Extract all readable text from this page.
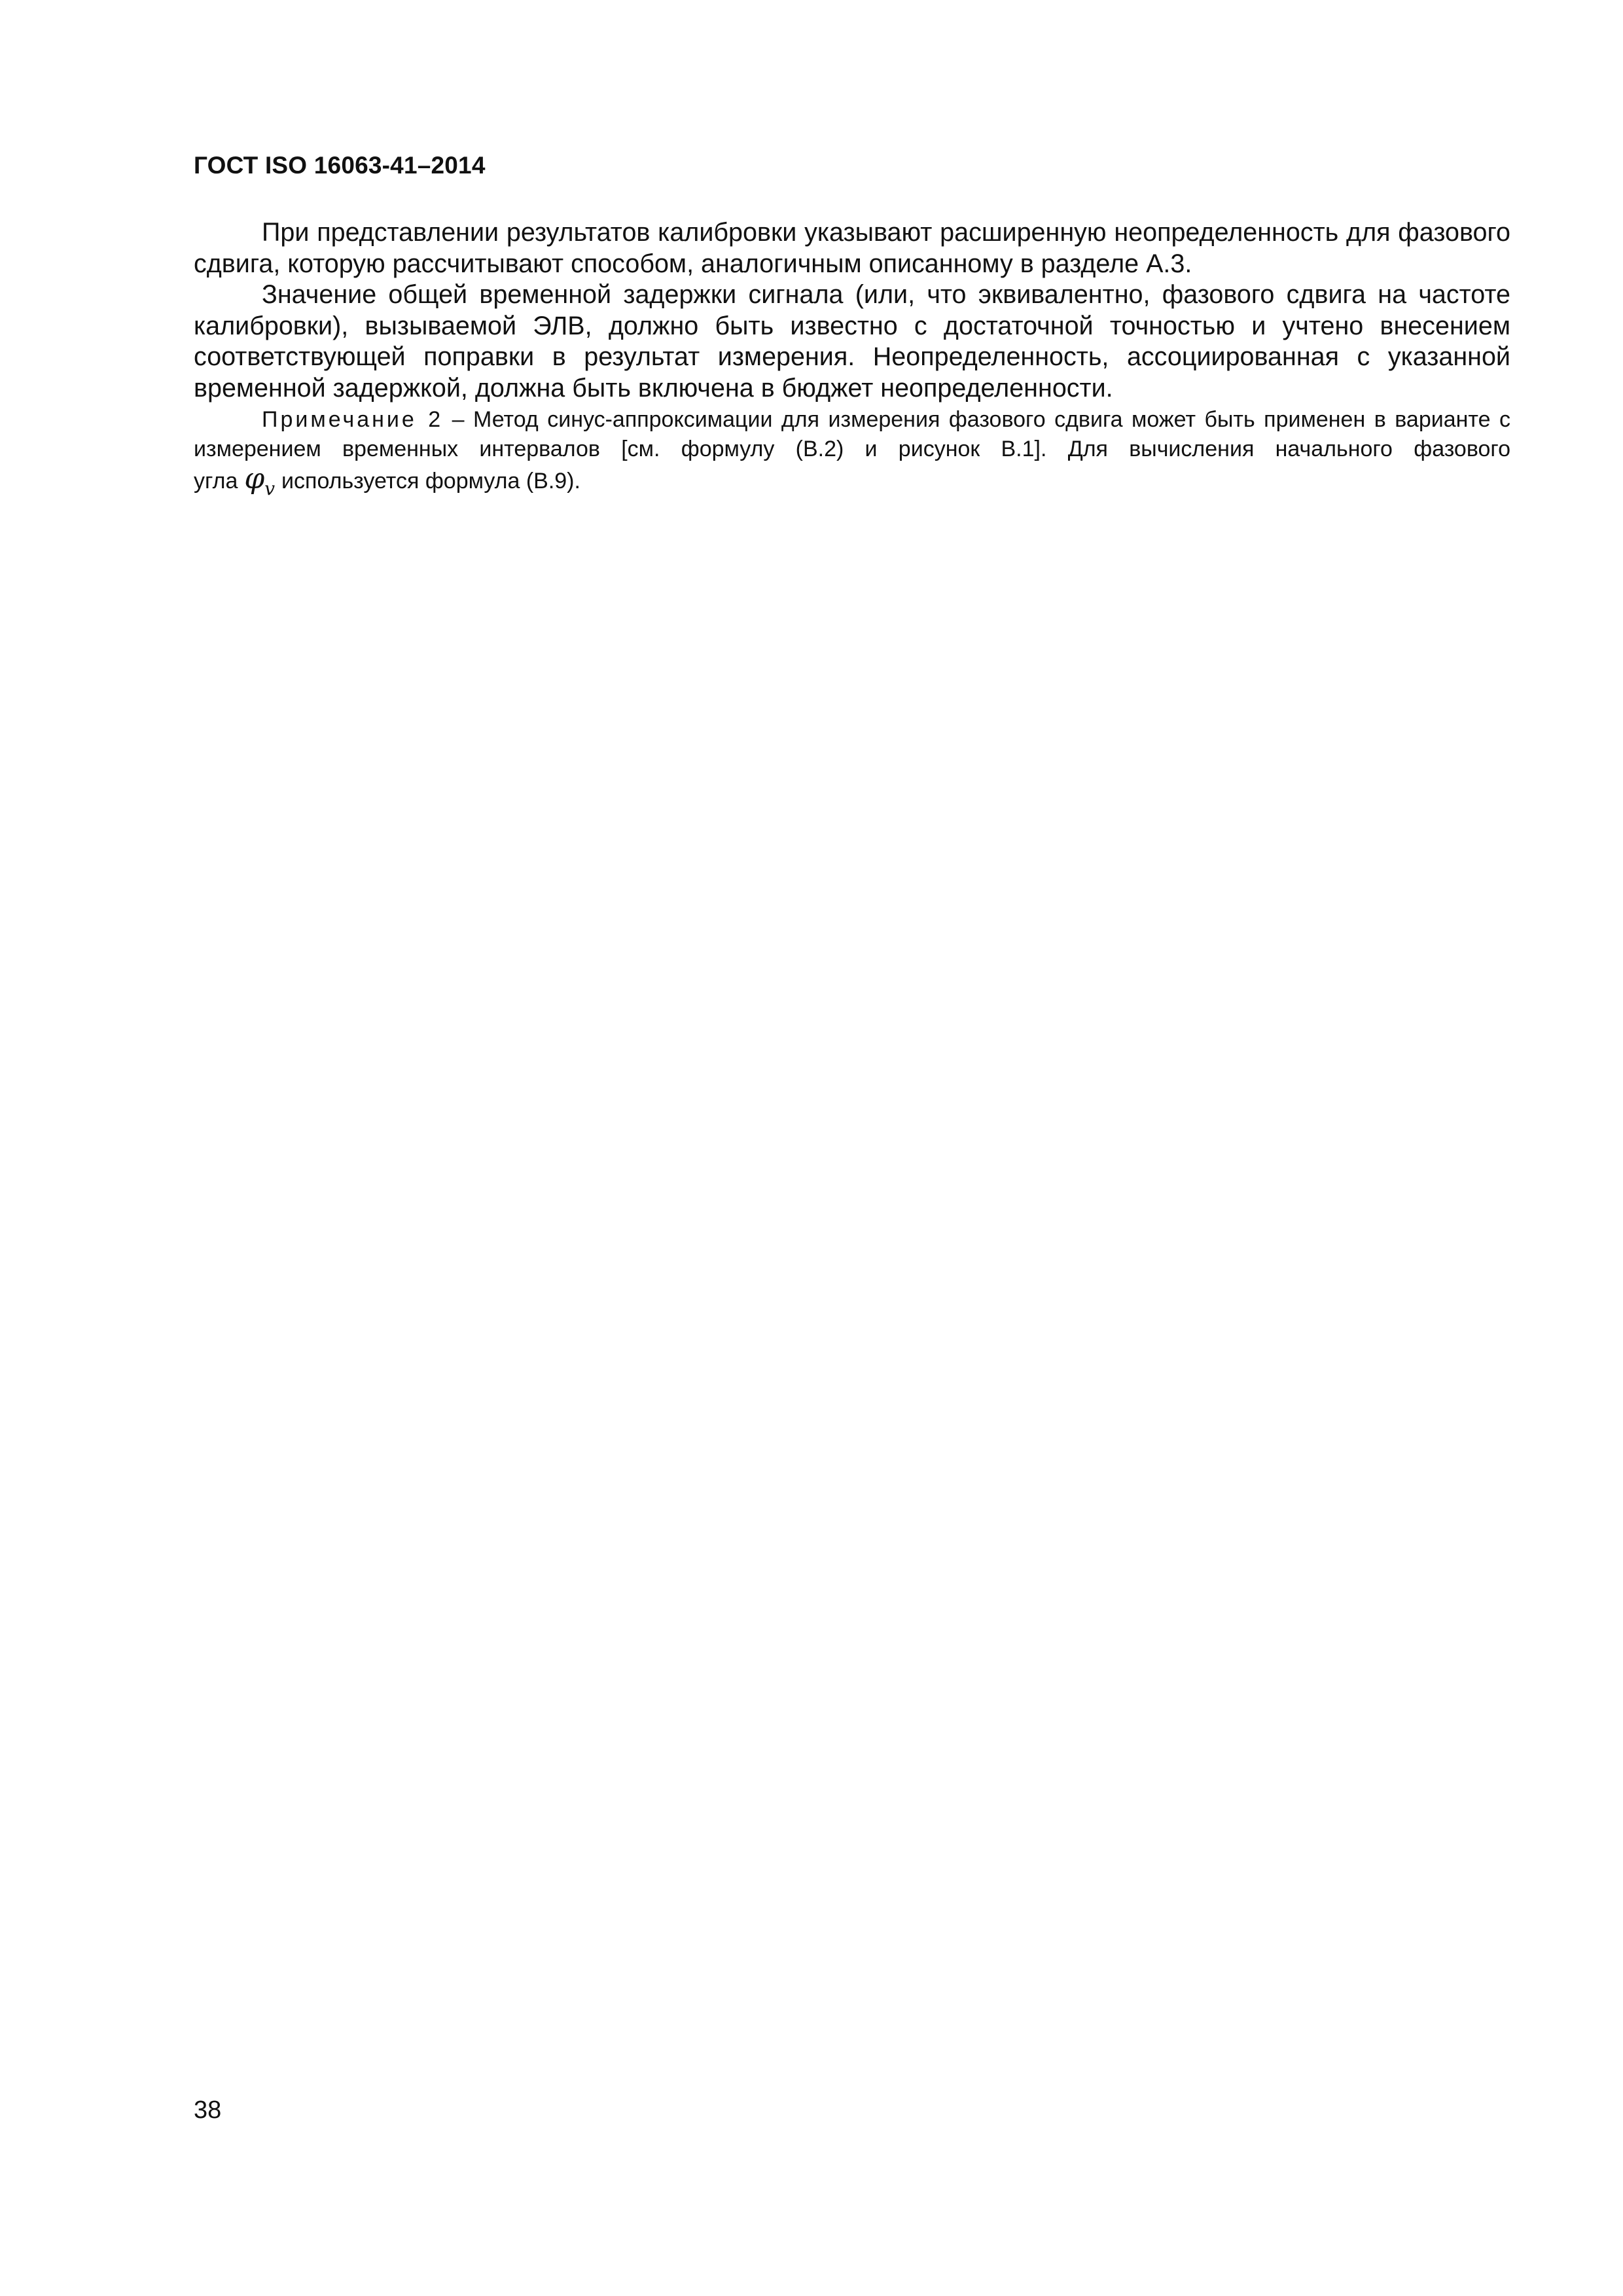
ГОСТ ISO 16063-41–2014

При представлении результатов калибровки указывают расширенную неопределенность для фазового сдвига, которую рассчитывают способом, аналогичным описанному в разделе А.3.

Значение общей временной задержки сигнала (или, что эквивалентно, фазового сдвига на частоте калибровки), вызываемой ЭЛВ, должно быть известно с достаточной точностью и учтено внесением соответствующей поправки в результат измерения. Неопределенность, ассоциированная с указанной временной задержкой, должна быть включена в бюджет неопределенности.

Примечание 2 – Метод синус-аппроксимации для измерения фазового сдвига может быть применен в варианте с измерением временных интервалов [см. формулу (В.2) и рисунок В.1]. Для вычисления начального фазового угла $\varphi_v$ используется формула (В.9).

38
